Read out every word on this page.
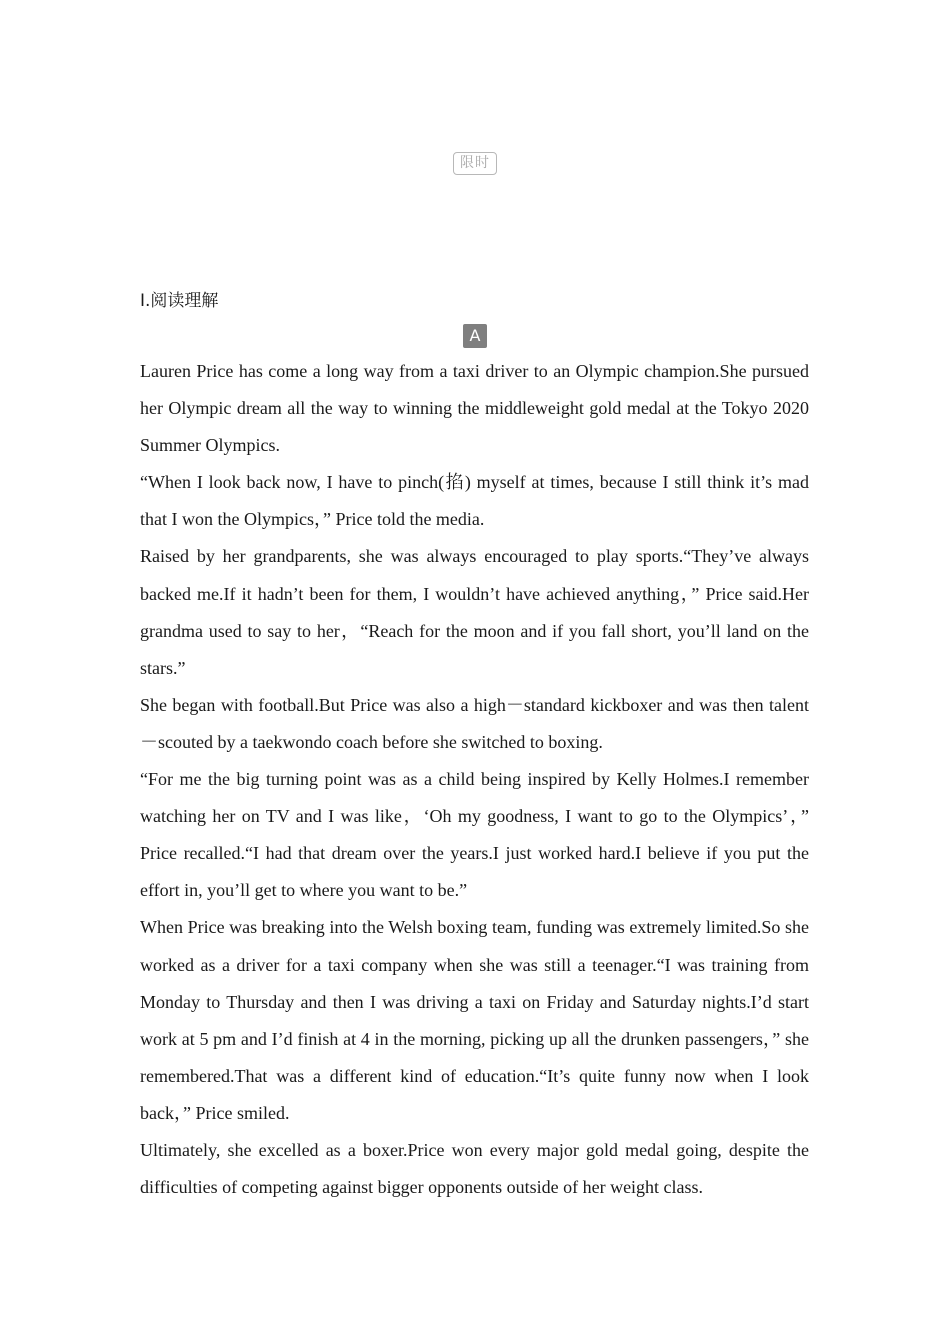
限时
Ⅰ.阅读理解
A

Lauren Price has come a long way from a taxi driver to an Olympic champion.She pursued her Olympic dream all the way to winning the middleweight gold medal at the Tokyo 2020 Summer Olympics.

“When I look back now, I have to pinch(掐) myself at times, because I still think it’s mad that I won the Olympics，” Price told the media.

Raised by her grandparents, she was always encouraged to play sports.“They’ve always backed me.If it hadn’t been for them, I wouldn’t have achieved anything，” Price said.Her grandma used to say to her，“Reach for the moon and if you fall short, you’ll land on the stars.”

She began with football.But Price was also a high－standard kickboxer and was then talent－scouted by a taekwondo coach before she switched to boxing.

“For me the big turning point was as a child being inspired by Kelly Holmes.I remember watching her on TV and I was like，‘Oh my goodness, I want to go to the Olympics’，” Price recalled.“I had that dream over the years.I just worked hard.I believe if you put the effort in, you’ll get to where you want to be.”

When Price was breaking into the Welsh boxing team, funding was extremely limited.So she worked as a driver for a taxi company when she was still a teenager.“I was training from Monday to Thursday and then I was driving a taxi on Friday and Saturday nights.I’d start work at 5 pm and I’d finish at 4 in the morning, picking up all the drunken passengers，” she remembered.That was a different kind of education.“It’s quite funny now when I look back，” Price smiled.

Ultimately, she excelled as a boxer.Price won every major gold medal going, despite the difficulties of competing against bigger opponents outside of her weight class.
